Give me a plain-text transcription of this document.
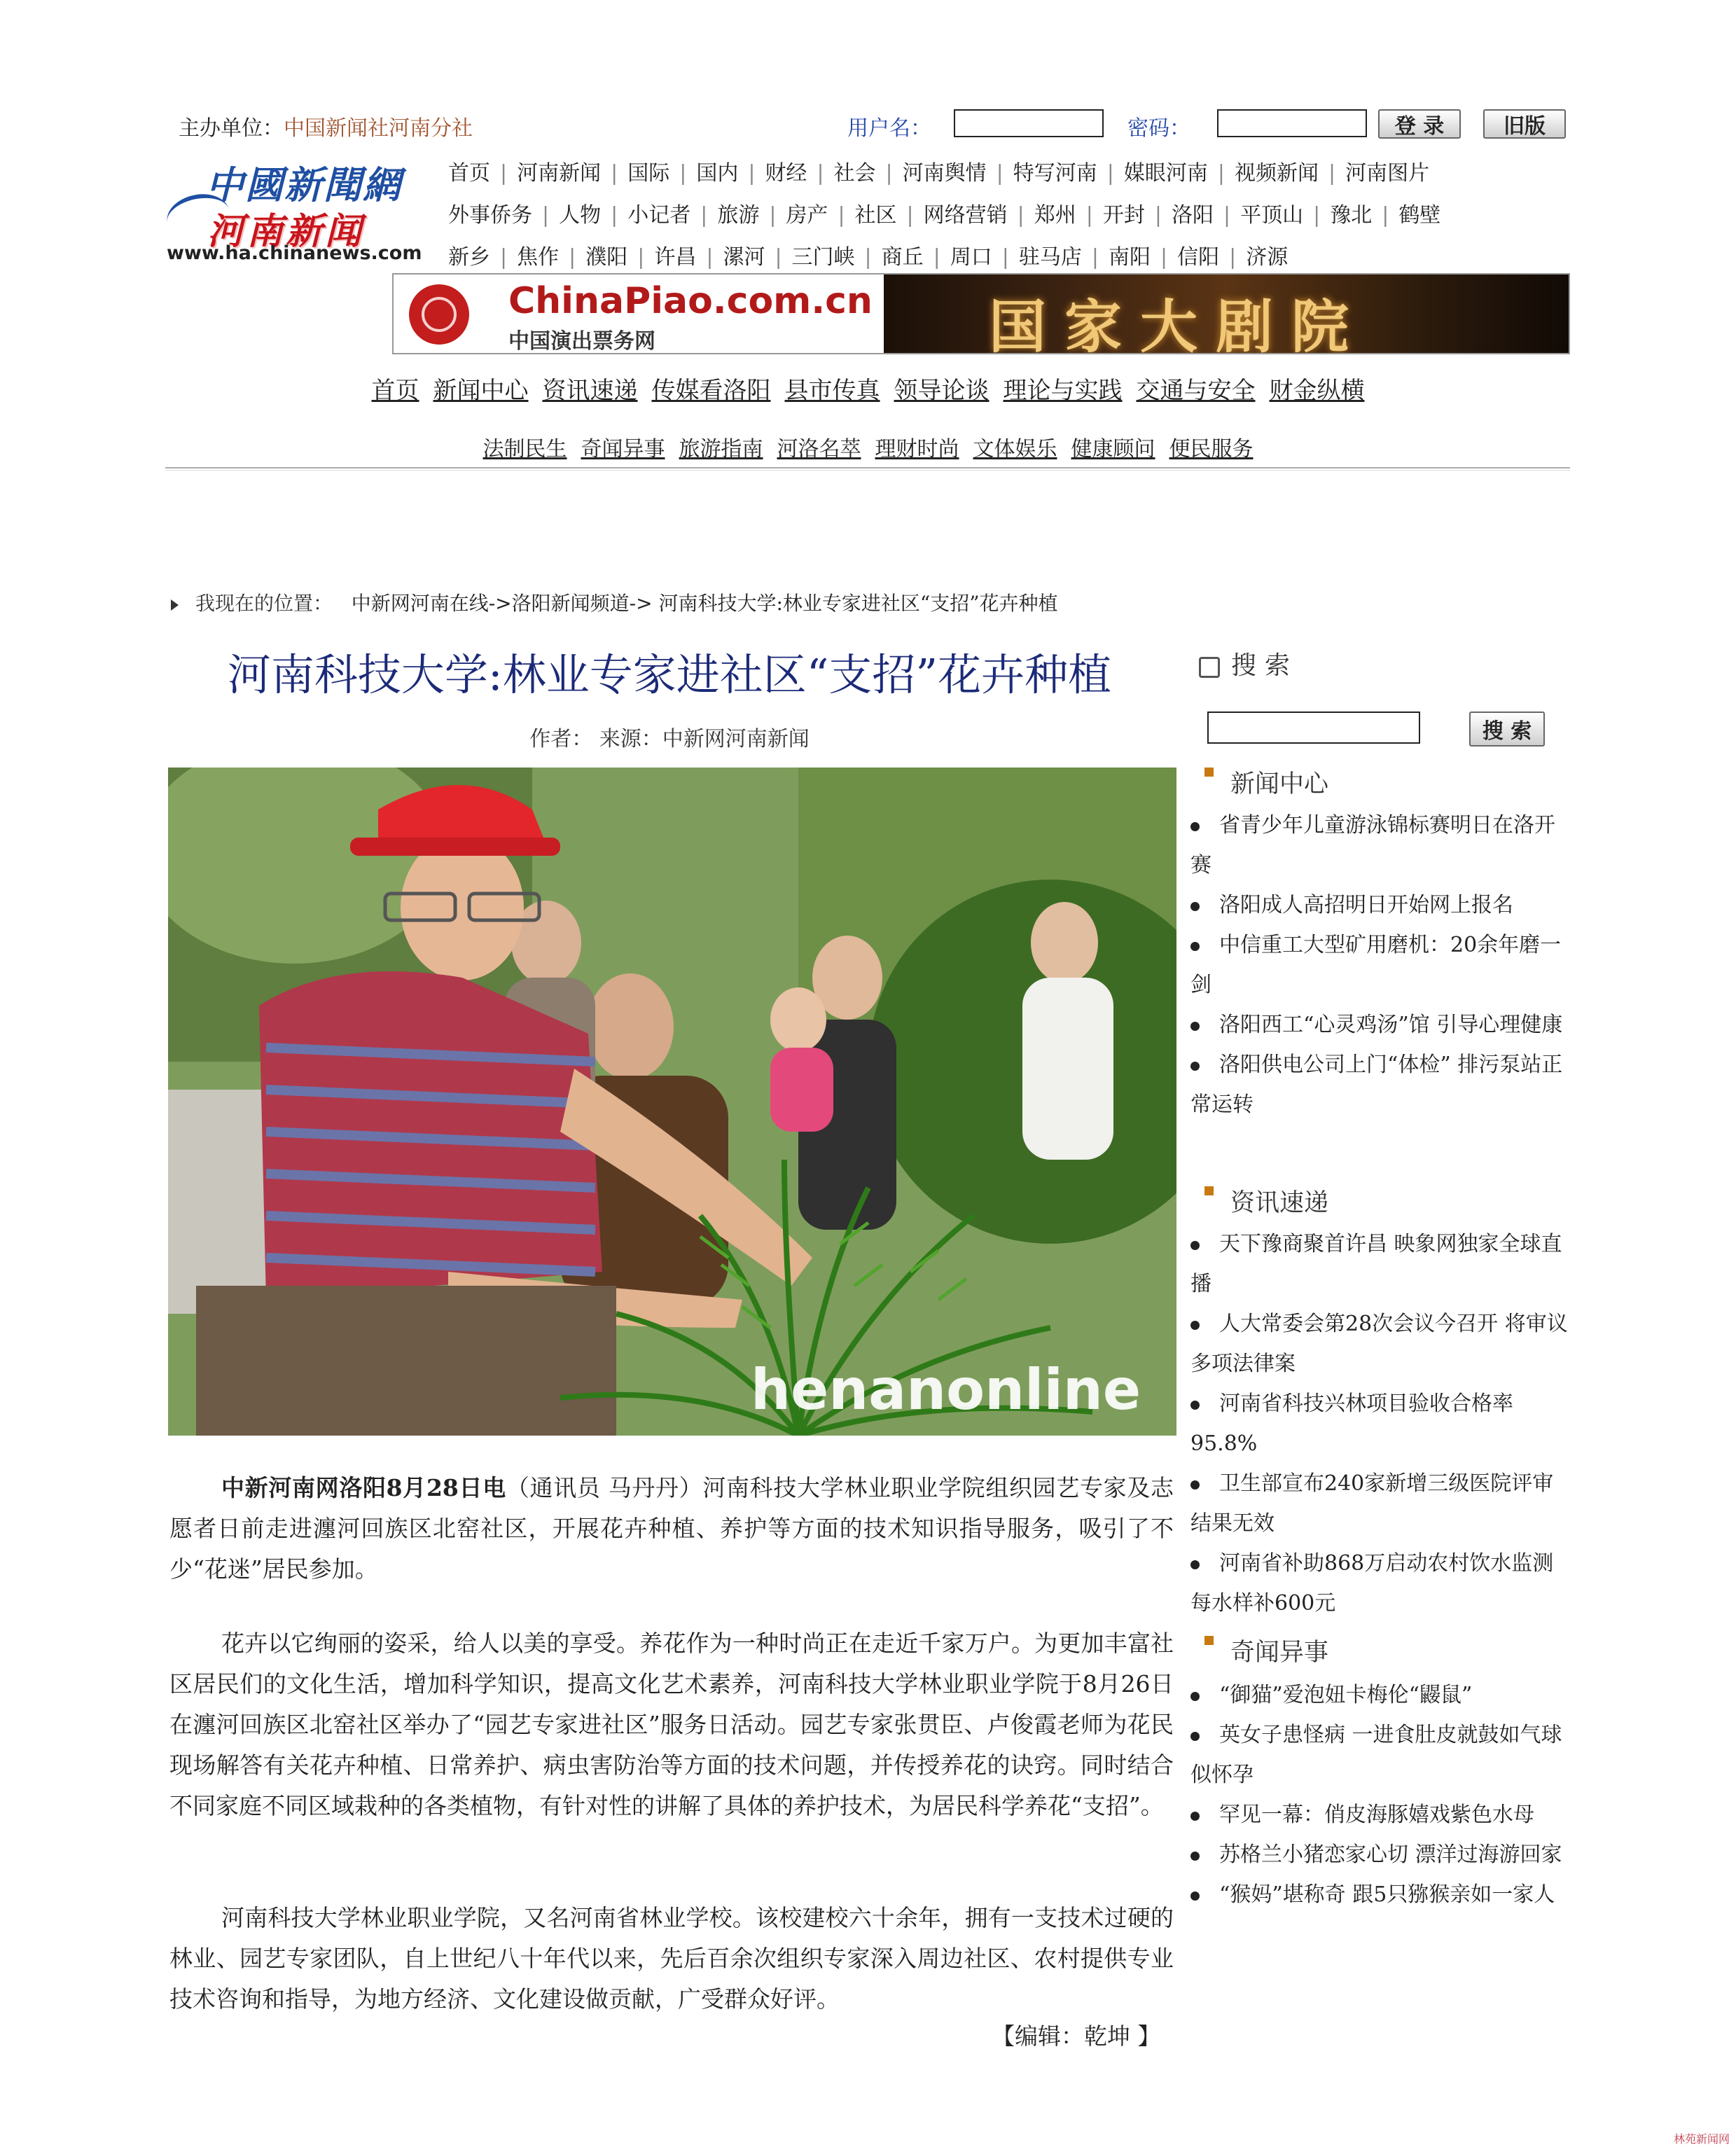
主办单位：中国新闻社河南分社	用户名：	密码：	登 录	旧版
中國新聞網
河南新闻
www.ha.chinanews.com
首页 | 河南新闻 | 国际 | 国内 | 财经 | 社会 | 河南舆情 | 特写河南 | 媒眼河南 | 视频新闻 | 河南图片
外事侨务 | 人物 | 小记者 | 旅游 | 房产 | 社区 | 网络营销 | 郑州 | 开封 | 洛阳 | 平顶山 | 豫北 | 鹤壁
新乡 | 焦作 | 濮阳 | 许昌 | 漯河 | 三门峡 | 商丘 | 周口 | 驻马店 | 南阳 | 信阳 | 济源
ChinaPiao.com.cn
中国演出票务网	国家大剧院
首页 新闻中心 资讯速递 传媒看洛阳 县市传真 领导论谈 理论与实践 交通与安全 财金纵横
法制民生 奇闻异事 旅游指南 河洛名萃 理财时尚 文体娱乐 健康顾问 便民服务
我现在的位置： 中新网河南在线->洛阳新闻频道-> 河南科技大学:林业专家进社区“支招”花卉种植
河南科技大学:林业专家进社区“支招”花卉种植
作者： 来源：中新网河南新闻
henanonline
中新河南网洛阳8月28日电（通讯员 马丹丹）河南科技大学林业职业学院组织园艺专家及志愿者日前走进瀍河回族区北窑社区，开展花卉种植、养护等方面的技术知识指导服务，吸引了不少“花迷”居民参加。
花卉以它绚丽的姿采，给人以美的享受。养花作为一种时尚正在走近千家万户。为更加丰富社区居民们的文化生活，增加科学知识，提高文化艺术素养，河南科技大学林业职业学院于8月26日在瀍河回族区北窑社区举办了“园艺专家进社区”服务日活动。园艺专家张贯臣、卢俊霞老师为花民现场解答有关花卉种植、日常养护、病虫害防治等方面的技术问题，并传授养花的诀窍。同时结合不同家庭不同区域栽种的各类植物，有针对性的讲解了具体的养护技术，为居民科学养花“支招”。
河南科技大学林业职业学院，又名河南省林业学校。该校建校六十余年，拥有一支技术过硬的林业、园艺专家团队，自上世纪八十年代以来，先后百余次组织专家深入周边社区、农村提供专业技术咨询和指导，为地方经济、文化建设做贡献，广受群众好评。
【编辑：乾坤 】
搜索
搜 索
新闻中心
省青少年儿童游泳锦标赛明日在洛开赛
洛阳成人高招明日开始网上报名
中信重工大型矿用磨机：20余年磨一剑
洛阳西工“心灵鸡汤”馆 引导心理健康
洛阳供电公司上门“体检” 排污泵站正常运转
资讯速递
天下豫商聚首许昌 映象网独家全球直播
人大常委会第28次会议今召开 将审议多项法律案
河南省科技兴林项目验收合格率95.8%
卫生部宣布240家新增三级医院评审结果无效
河南省补助868万启动农村饮水监测 每水样补600元
奇闻异事
“御猫”爱泡妞卡梅伦“鼹鼠”
英女子患怪病 一进食肚皮就鼓如气球似怀孕
罕见一幕：俏皮海豚嬉戏紫色水母
苏格兰小猪恋家心切 漂洋过海游回家
“猴妈”堪称奇 跟5只猕猴亲如一家人
林苑新闻网
